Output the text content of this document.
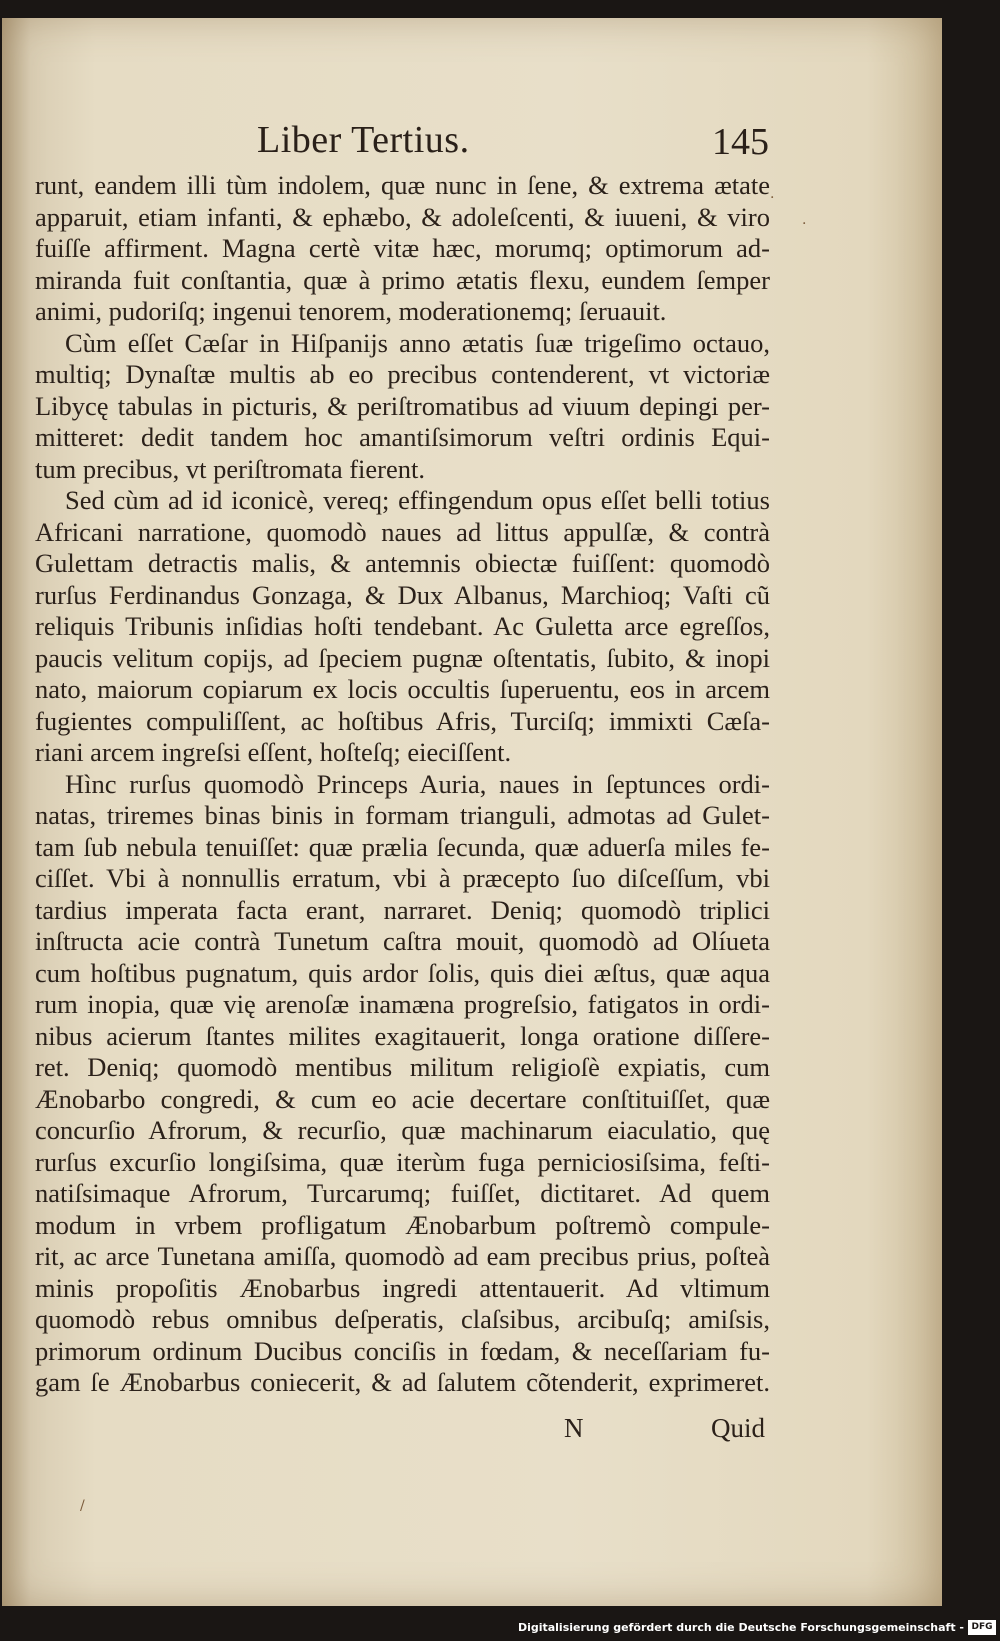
Liber Tertius.	145
runt, eandem illi tùm indolem, quæ nunc in ſene, & extrema ætate
apparuit, etiam infanti, & ephæbo, & adoleſcenti, & iuueni, & viro
fuiſſe affirment. Magna certè vitæ hæc, morumq; optimorum ad-
miranda fuit conſtantia, quæ à primo ætatis flexu, eundem ſemper
animi, pudoriſq; ingenui tenorem, moderationemq; ſeruauit.
Cùm eſſet Cæſar in Hiſpanijs anno ætatis ſuæ trigeſimo octauo,
multiq; Dynaſtæ multis ab eo precibus contenderent, vt victoriæ
Libycę tabulas in picturis, & periſtromatibus ad viuum depingi per-
mitteret: dedit tandem hoc amantiſsimorum veſtri ordinis Equi-
tum precibus, vt periſtromata fierent.
Sed cùm ad id iconicè, vereq; effingendum opus eſſet belli totius
Africani narratione, quomodò naues ad littus appulſæ, & contrà
Gulettam detractis malis, & antemnis obiectæ fuiſſent: quomodò
rurſus Ferdinandus Gonzaga, & Dux Albanus, Marchioq; Vaſti cũ
reliquis Tribunis inſidias hoſti tendebant. Ac Guletta arce egreſſos,
paucis velitum copijs, ad ſpeciem pugnæ oſtentatis, ſubito, & inopi
nato, maiorum copiarum ex locis occultis ſuperuentu, eos in arcem
fugientes compuliſſent, ac hoſtibus Afris, Turciſq; immixti Cæſa-
riani arcem ingreſsi eſſent, hoſteſq; eieciſſent.
Hìnc rurſus quomodò Princeps Auria, naues in ſeptunces ordi-
natas, triremes binas binis in formam trianguli, admotas ad Gulet-
tam ſub nebula tenuiſſet: quæ prælia ſecunda, quæ aduerſa miles fe-
ciſſet. Vbi à nonnullis erratum, vbi à præcepto ſuo diſceſſum, vbi
tardius imperata facta erant, narraret. Deniq; quomodò triplici
inſtructa acie contrà Tunetum caſtra mouit, quomodò ad Olíueta
cum hoſtibus pugnatum, quis ardor ſolis, quis diei æſtus, quæ aqua
rum inopia, quæ vię arenoſæ inamæna progreſsio, fatigatos in ordi-
nibus acierum ſtantes milites exagitauerit, longa oratione diſſere-
ret. Deniq; quomodò mentibus militum religioſè expiatis, cum
Ænobarbo congredi, & cum eo acie decertare conſtituiſſet, quæ
concurſio Afrorum, & recurſio, quæ machinarum eiaculatio, quę
rurſus excurſio longiſsima, quæ iterùm fuga perniciosiſsima, feſti-
natiſsimaque Afrorum, Turcarumq; fuiſſet, dictitaret. Ad quem
modum in vrbem profligatum Ænobarbum poſtremò compule-
rit, ac arce Tunetana amiſſa, quomodò ad eam precibus prius, poſteà
minis propoſitis Ænobarbus ingredi attentauerit. Ad vltimum
quomodò rebus omnibus deſperatis, claſsibus, arcibuſq; amiſsis,
primorum ordinum Ducibus conciſis in fœdam, & neceſſariam fu-
gam ſe Ænobarbus coniecerit, & ad ſalutem cõtenderit, exprimeret.
N	Quid
·
·
/
Digitalisierung gefördert durch die Deutsche Forschungsgemeinschaft - DFG
